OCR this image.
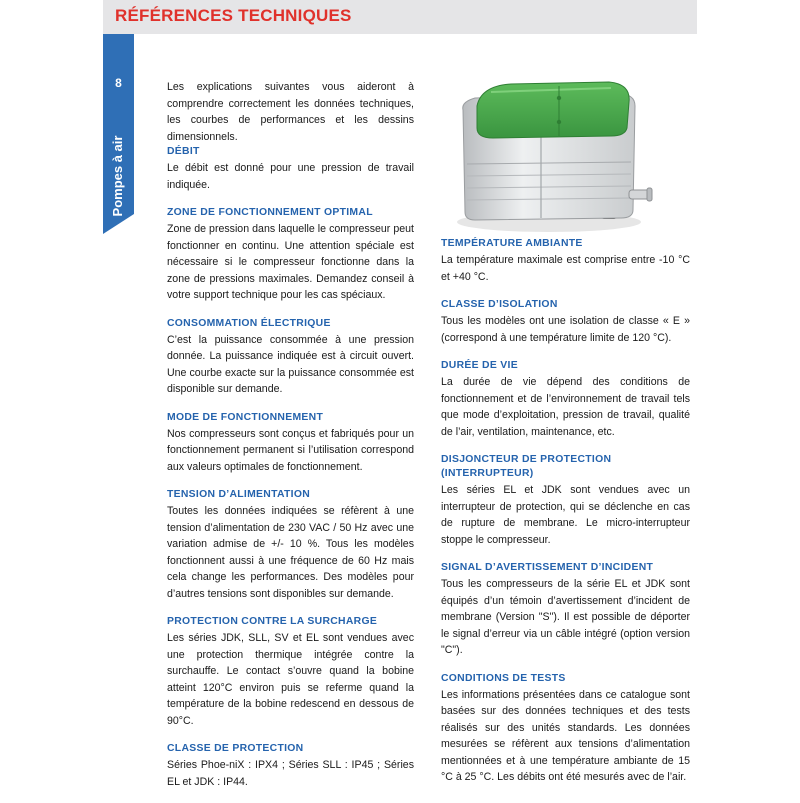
RÉFÉRENCES TECHNIQUES
8
Pompes à air

Les explications suivantes vous aideront à comprendre correctement les données techniques, les courbes de performances et les dessins dimensionnels.

DÉBIT

Le débit est donné pour une pression de travail indiquée.

ZONE DE FONCTIONNEMENT OPTIMAL

Zone de pression dans laquelle le compresseur peut fonctionner en continu. Une attention spéciale est nécessaire si le compresseur fonctionne dans la zone de pressions maximales. Demandez conseil à votre support technique pour les cas spéciaux.

CONSOMMATION ÉLECTRIQUE

C’est la puissance consommée à une pression donnée. La puissance indiquée est à circuit ouvert. Une courbe exacte sur la puissance consommée est disponible sur demande.

MODE DE FONCTIONNEMENT

Nos compresseurs sont conçus et fabriqués pour un fonctionnement permanent si l’utilisation correspond aux valeurs optimales de fonctionnement.

TENSION D’ALIMENTATION

Toutes les données indiquées se réfèrent à une tension d’alimentation de 230 VAC / 50 Hz avec une variation admise de +/- 10 %. Tous les modèles fonctionnent aussi à une fréquence de 60 Hz mais cela change les performances. Des modèles pour d’autres tensions sont disponibles sur demande.

PROTECTION CONTRE LA SURCHARGE

Les séries JDK, SLL, SV et EL sont vendues avec une protection thermique intégrée contre la surchauffe. Le contact s’ouvre quand la bobine atteint 120°C environ puis se referme quand la température de la bobine redescend en dessous de 90°C.

CLASSE DE PROTECTION

Séries Phoe-niX : IPX4 ; Séries SLL : IP45 ; Séries EL et JDK : IP44.

TEMPÉRATURE AMBIANTE

La température maximale est comprise entre -10 °C et +40 °C.

CLASSE D’ISOLATION

Tous les modèles ont une isolation de classe « E » (correspond à une température limite de 120 °C).

DURÉE DE VIE

La durée de vie dépend des conditions de fonctionnement et de l’environnement de travail tels que mode d’exploitation, pression de travail, qualité de l’air, ventilation, maintenance, etc.

DISJONCTEUR DE PROTECTION (INTERRUPTEUR)

Les séries EL et JDK sont vendues avec un interrupteur de protection, qui se déclenche en cas de rupture de membrane. Le micro-interrupteur stoppe le compresseur.

SIGNAL D’AVERTISSEMENT D’INCIDENT

Tous les compresseurs de la série EL et JDK sont équipés d’un témoin d’avertissement d’incident de membrane (Version "S"). Il est possible de déporter le signal d’erreur via un câble intégré (option version "C").

CONDITIONS DE TESTS

Les informations présentées dans ce catalogue sont basées sur des données techniques et des tests réalisés sur des unités standards. Les données mesurées se réfèrent aux tensions d’alimentation mentionnées et à une température ambiante de 15 °C à 25 °C. Les débits ont été mesurés avec de l’air.
